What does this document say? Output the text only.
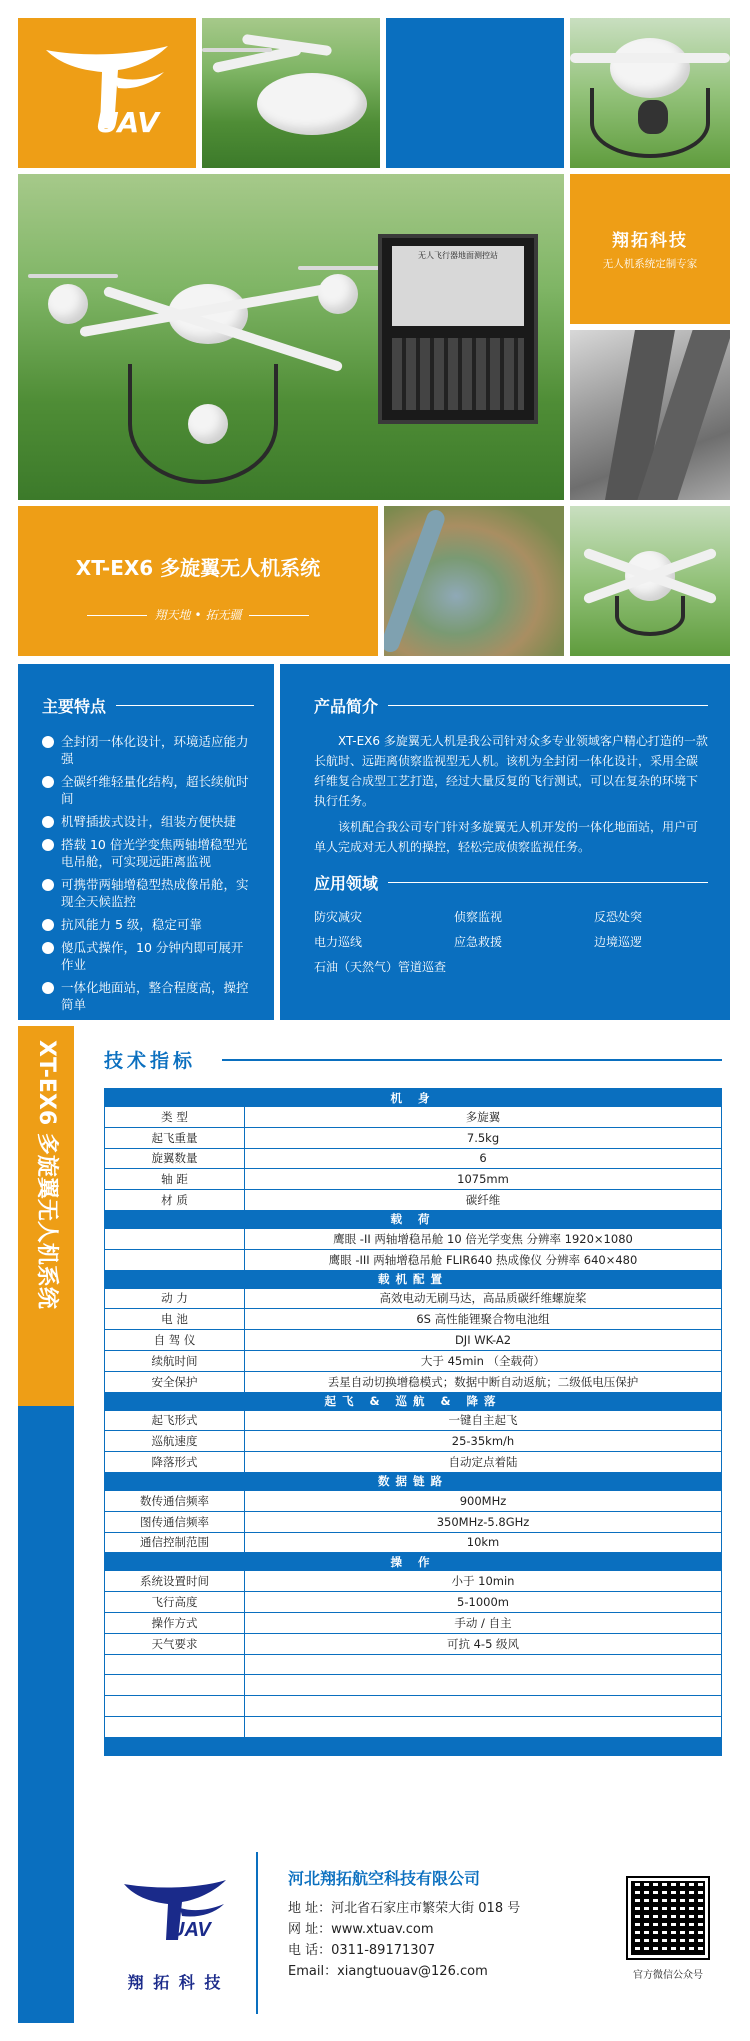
UAV
无人飞行器地面测控站
翔拓科技
无人机系统定制专家
XT-EX6 多旋翼无人机系统
翔天地 • 拓无疆
主要特点
全封闭一体化设计，环境适应能力强
全碳纤维轻量化结构，超长续航时间
机臂插拔式设计，组装方便快捷
搭载 10 倍光学变焦两轴增稳型光电吊舱，可实现远距离监视
可携带两轴增稳型热成像吊舱，实现全天候监控
抗风能力 5 级，稳定可靠
傻瓜式操作，10 分钟内即可展开作业
一体化地面站，整合程度高，操控简单
产品简介

XT-EX6 多旋翼无人机是我公司针对众多专业领域客户精心打造的一款长航时、远距离侦察监视型无人机。该机为全封闭一体化设计，采用全碳纤维复合成型工艺打造，经过大量反复的飞行测试，可以在复杂的环境下执行任务。

该机配合我公司专门针对多旋翼无人机开发的一体化地面站，用户可单人完成对无人机的操控，轻松完成侦察监视任务。

应用领域
防灾减灾	侦察监视	反恐处突
电力巡线	应急救援	边境巡逻
石油（天然气）管道巡查
XT-EX6 多旋翼无人机系统 技术指标
机 身	
类 型	多旋翼
起飞重量	7.5kg
旋翼数量	6
轴 距	1075mm
材 质	碳纤维
载 荷	
	鹰眼 -II 两轴增稳吊舱 10 倍光学变焦 分辨率 1920×1080
	鹰眼 -III 两轴增稳吊舱 FLIR640 热成像仪 分辨率 640×480
载机配置	
动 力	高效电动无刷马达，高品质碳纤维螺旋桨
电 池	6S 高性能锂聚合物电池组
自 驾 仪	DJI WK-A2
续航时间	大于 45min （全载荷）
安全保护	丢星自动切换增稳模式；数据中断自动返航；二级低电压保护
起飞 & 巡航 & 降落	
起飞形式	一键自主起飞
巡航速度	25-35km/h
降落形式	自动定点着陆
数据链路	
数传通信频率	900MHz
图传通信频率	350MHz-5.8GHz
通信控制范围	10km
操 作	
系统设置时间	小于 10min
飞行高度	5-1000m
操作方式	手动 / 自主
天气要求	可抗 4-5 级风

UAV
翔 拓 科 技
河北翔拓航空科技有限公司
地 址：河北省石家庄市繁荣大街 018 号
网 址：www.xtuav.com
电 话：0311-89171307
Email：xiangtuouav@126.com	官方微信公众号
